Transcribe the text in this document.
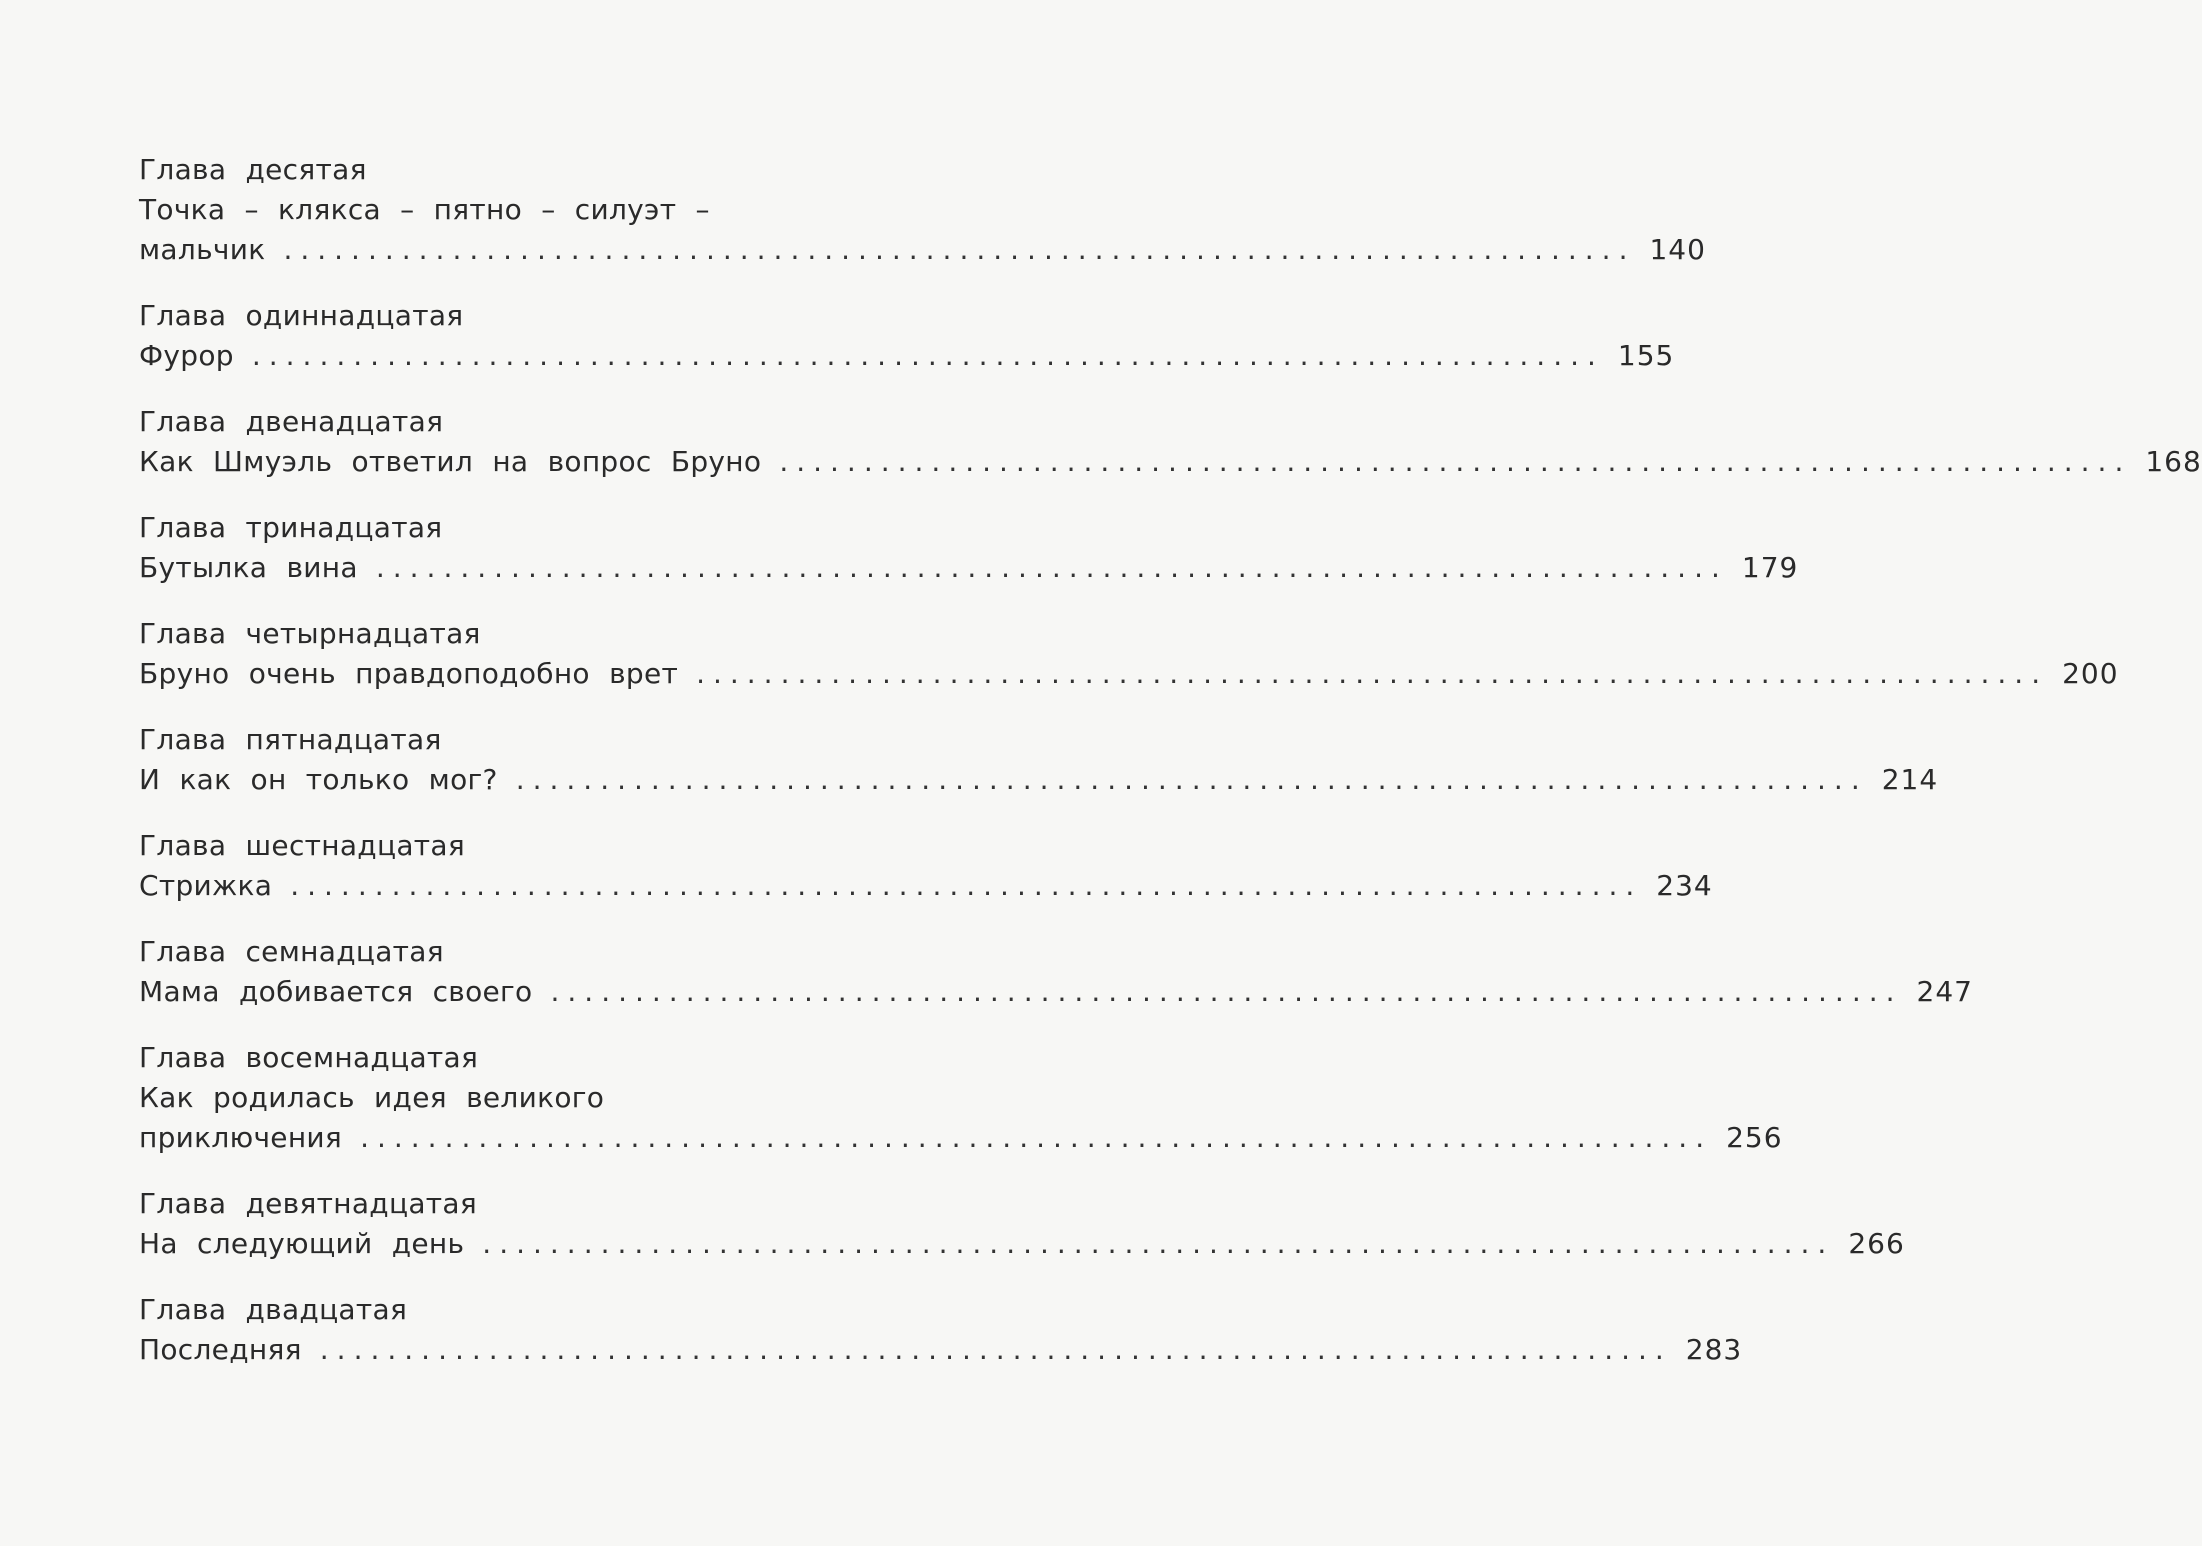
Глава десятая
Точка – клякса – пятно – силуэт –
мальчик ................................................................................ 140
Глава одиннадцатая
Фурор ................................................................................ 155
Глава двенадцатая
Как Шмуэль ответил на вопрос Бруно ................................................................................ 168
Глава тринадцатая
Бутылка вина ................................................................................ 179
Глава четырнадцатая
Бруно очень правдоподобно врет ................................................................................ 200
Глава пятнадцатая
И как он только мог? ................................................................................ 214
Глава шестнадцатая
Стрижка ................................................................................ 234
Глава семнадцатая
Мама добивается своего ................................................................................ 247
Глава восемнадцатая
Как родилась идея великого
приключения ................................................................................ 256
Глава девятнадцатая
На следующий день ................................................................................ 266
Глава двадцатая
Последняя ................................................................................ 283
